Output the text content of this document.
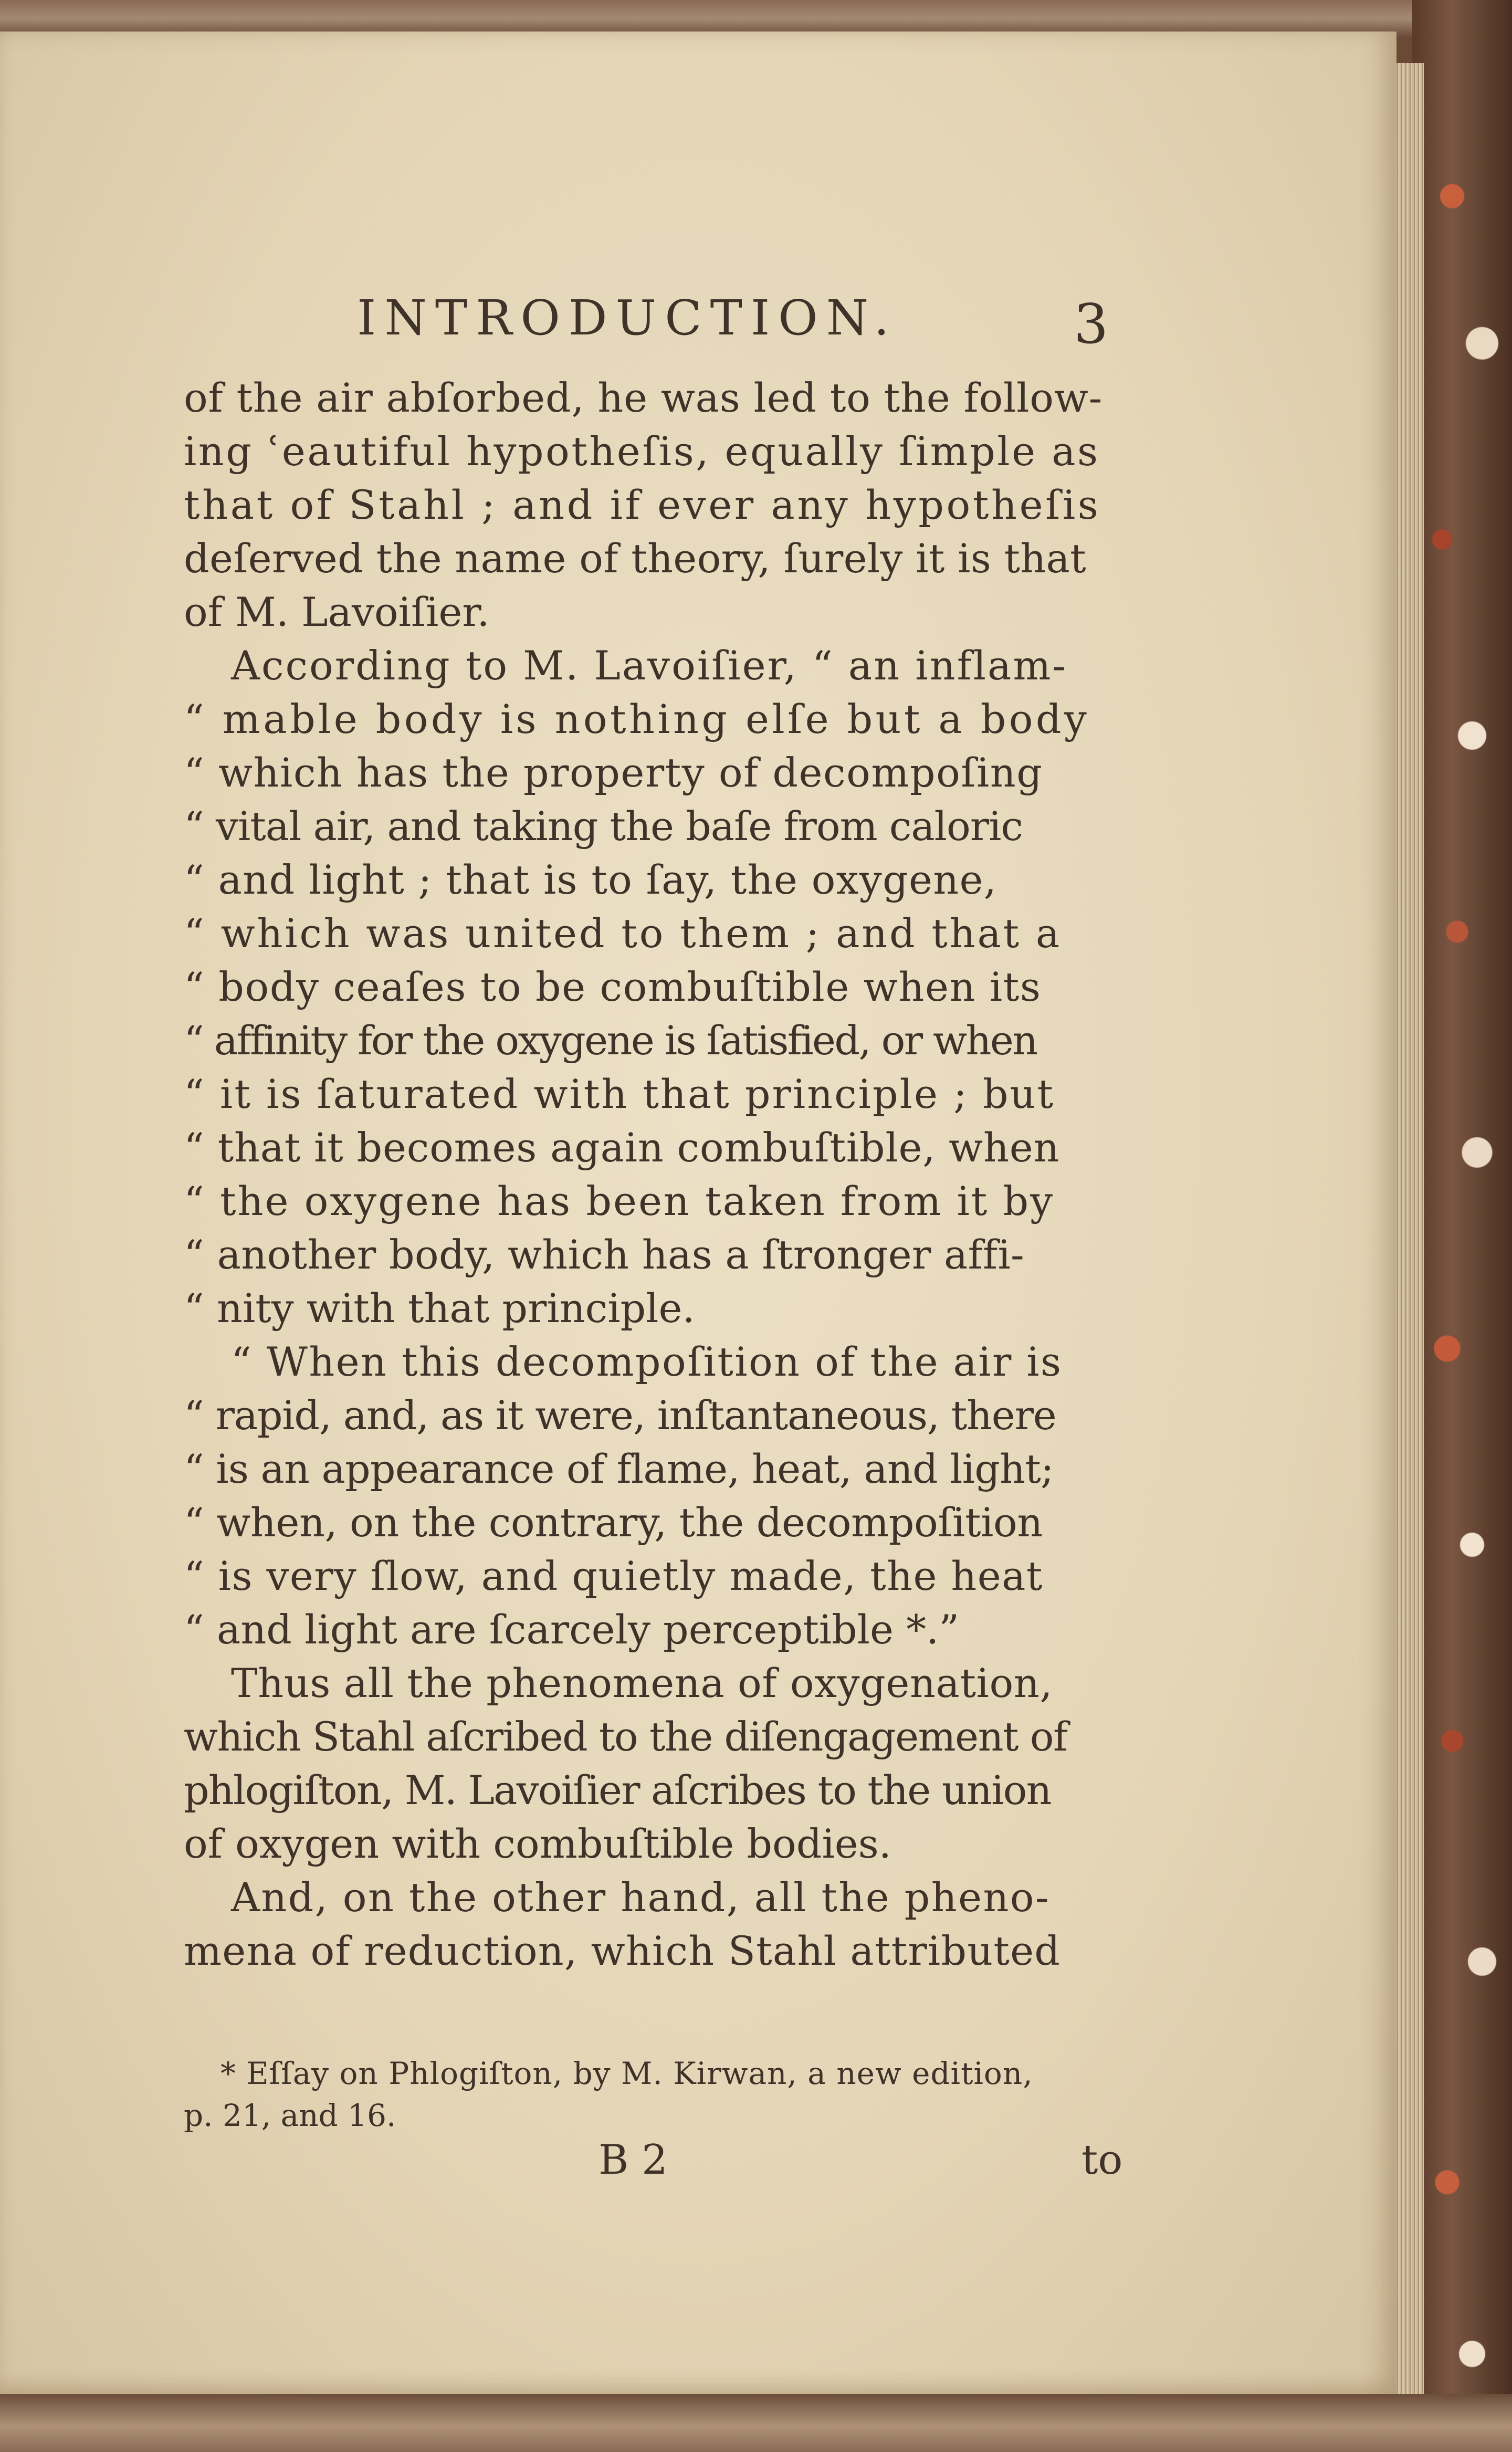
INTRODUCTION.	3
of the air abſorbed, he was led to the follow-
ing ʿeautiful hypotheſis, equally ſimple as
that of Stahl ; and if ever any hypotheſis
deſerved the name of theory, ſurely it is that
of M. Lavoiſier.
According to M. Lavoiſier, “ an inflam-
“ mable body is nothing elſe but a body
“ which has the property of decompoſing
“ vital air, and taking the baſe from caloric
“ and light ; that is to ſay, the oxygene,
“ which was united to them ; and that a
“ body ceaſes to be combuſtible when its
“ affinity for the oxygene is ſatisfied, or when
“ it is ſaturated with that principle ; but
“ that it becomes again combuſtible, when
“ the oxygene has been taken from it by
“ another body, which has a ſtronger affi-
“ nity with that principle.
“ When this decompoſition of the air is
“ rapid, and, as it were, inſtantaneous, there
“ is an appearance of flame, heat, and light;
“ when, on the contrary, the decompoſition
“ is very ſlow, and quietly made, the heat
“ and light are ſcarcely perceptible *.”
Thus all the phenomena of oxygenation,
which Stahl aſcribed to the diſengagement of
phlogiſton, M. Lavoiſier aſcribes to the union
of oxygen with combuſtible bodies.
And, on the other hand, all the pheno-
mena of reduction, which Stahl attributed
* Eſſay on Phlogiſton, by M. Kirwan, a new edition,
p. 21, and 16.
B 2	to
